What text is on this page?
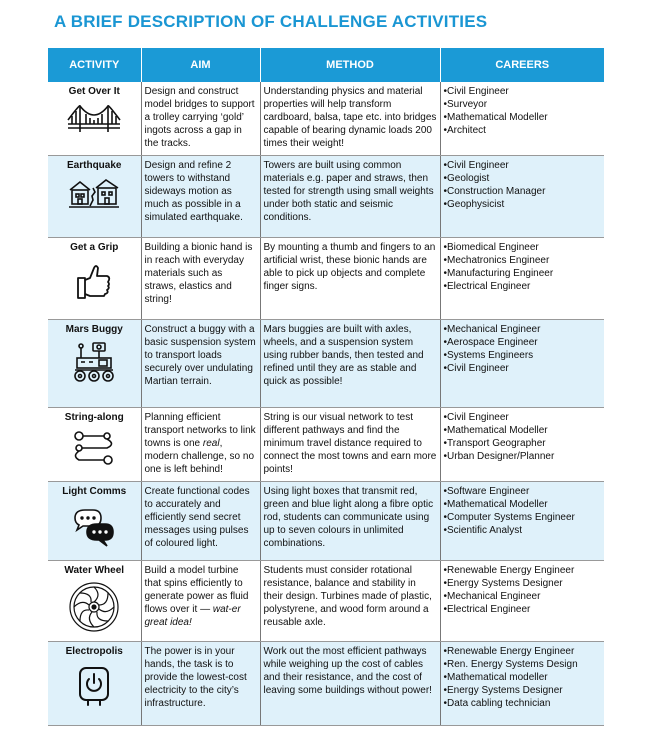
A BRIEF DESCRIPTION OF CHALLENGE ACTIVITIES
ACTIVITY	AIM	METHOD	CAREERS

Get Over It	Design and construct model bridges to support a trolley carrying ‘gold’ ingots across a gap in the tracks.	Understanding physics and material properties will help transform cardboard, balsa, tape etc. into bridges capable of bearing dynamic loads 200 times their weight!	• Civil Engineer
• Surveyor
• Mathematical Modeller
• Architect

Earthquake	Design and refine 2 towers to withstand sideways motion as much as possible in a simulated earthquake.	Towers are built using common materials e.g. paper and straws, then tested for strength using small weights under both static and seismic conditions.	• Civil Engineer
• Geologist
• Construction Manager
• Geophysicist

Get a Grip	Building a bionic hand is in reach with everyday materials such as straws, elastics and string!	By mounting a thumb and fingers to an artificial wrist, these bionic hands are able to pick up objects and complete finger signs.	• Biomedical Engineer
• Mechatronics Engineer
• Manufacturing Engineer
• Electrical Engineer

Mars Buggy	Construct a buggy with a basic suspension system to transport loads securely over undulating Martian terrain.	Mars buggies are built with axles, wheels, and a suspension system using rubber bands, then tested and refined until they are as stable and quick as possible!	• Mechanical Engineer
• Aerospace Engineer
• Systems Engineers
• Civil Engineer

String-along	Planning efficient transport networks to link towns is one real, modern challenge, so no one is left behind!	String is our visual network to test different pathways and find the minimum travel distance required to connect the most towns and earn more points!	• Civil Engineer
• Mathematical Modeller
• Transport Geographer
• Urban Designer/Planner

Light Comms	Create functional codes to accurately and efficiently send secret messages using pulses of coloured light.	Using light boxes that transmit red, green and blue light along a fibre optic rod, students can communicate using up to seven colours in unlimited combinations.	• Software Engineer
• Mathematical Modeller
• Computer Systems Engineer
• Scientific Analyst

Water Wheel	Build a model turbine that spins efficiently to generate power as fluid flows over it — wat-er great idea!	Students must consider rotational resistance, balance and stability in their design. Turbines made of plastic, polystyrene, and wood form around a reusable axle.	• Renewable Energy Engineer
• Energy Systems Designer
• Mechanical Engineer
• Electrical Engineer

Electropolis	The power is in your hands, the task is to provide the lowest-cost electricity to the city’s infrastructure.	Work out the most efficient pathways while weighing up the cost of cables and their resistance, and the cost of leaving some buildings without power!	• Renewable Energy Engineer
• Ren. Energy Systems Design
• Mathematical modeller
• Energy Systems Designer
• Data cabling technician
